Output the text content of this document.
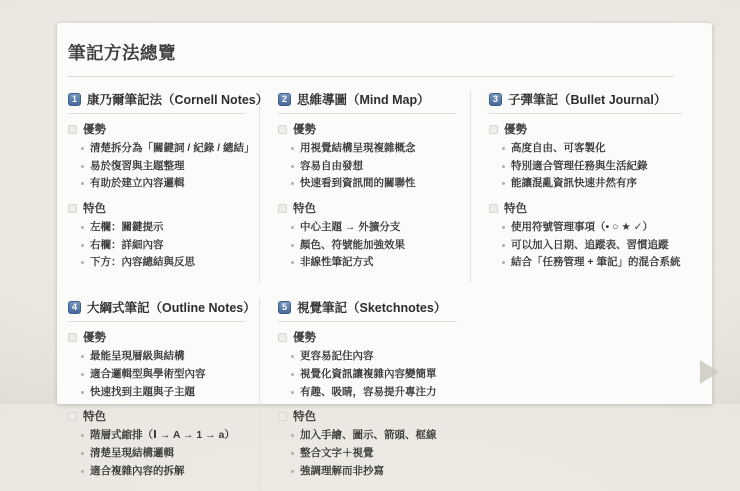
筆記方法總覽
1 康乃爾筆記法（Cornell Notes）
優勢
清楚拆分為「關鍵詞 / 紀錄 / 總結」
易於復習與主題整理
有助於建立內容邏輯
特色
左欄：關鍵提示
右欄：詳細內容
下方：內容總結與反思
2 思維導圖（Mind Map）
優勢
用視覺結構呈現複雜概念
容易自由發想
快速看到資訊間的關聯性
特色
中心主題 → 外擴分支
顏色、符號能加強效果
非線性筆記方式
3 子彈筆記（Bullet Journal）
優勢
高度自由、可客製化
特別適合管理任務與生活紀錄
能讓混亂資訊快速井然有序
特色
使用符號管理事項（• ○ ★ ✓）
可以加入日期、追蹤表、習慣追蹤
結合「任務管理 + 筆記」的混合系統
4 大綱式筆記（Outline Notes）
優勢
最能呈現層級與結構
適合邏輯型與學術型內容
快速找到主題與子主題
特色
階層式縮排（Ⅰ → A → 1 → a）
清楚呈現結構邏輯
適合複雜內容的拆解
5 視覺筆記（Sketchnotes）
優勢
更容易記住內容
視覺化資訊讓複雜內容變簡單
有趣、吸睛，容易提升專注力
特色
加入手繪、圖示、箭頭、框線
整合文字＋視覺
強調理解而非抄寫
